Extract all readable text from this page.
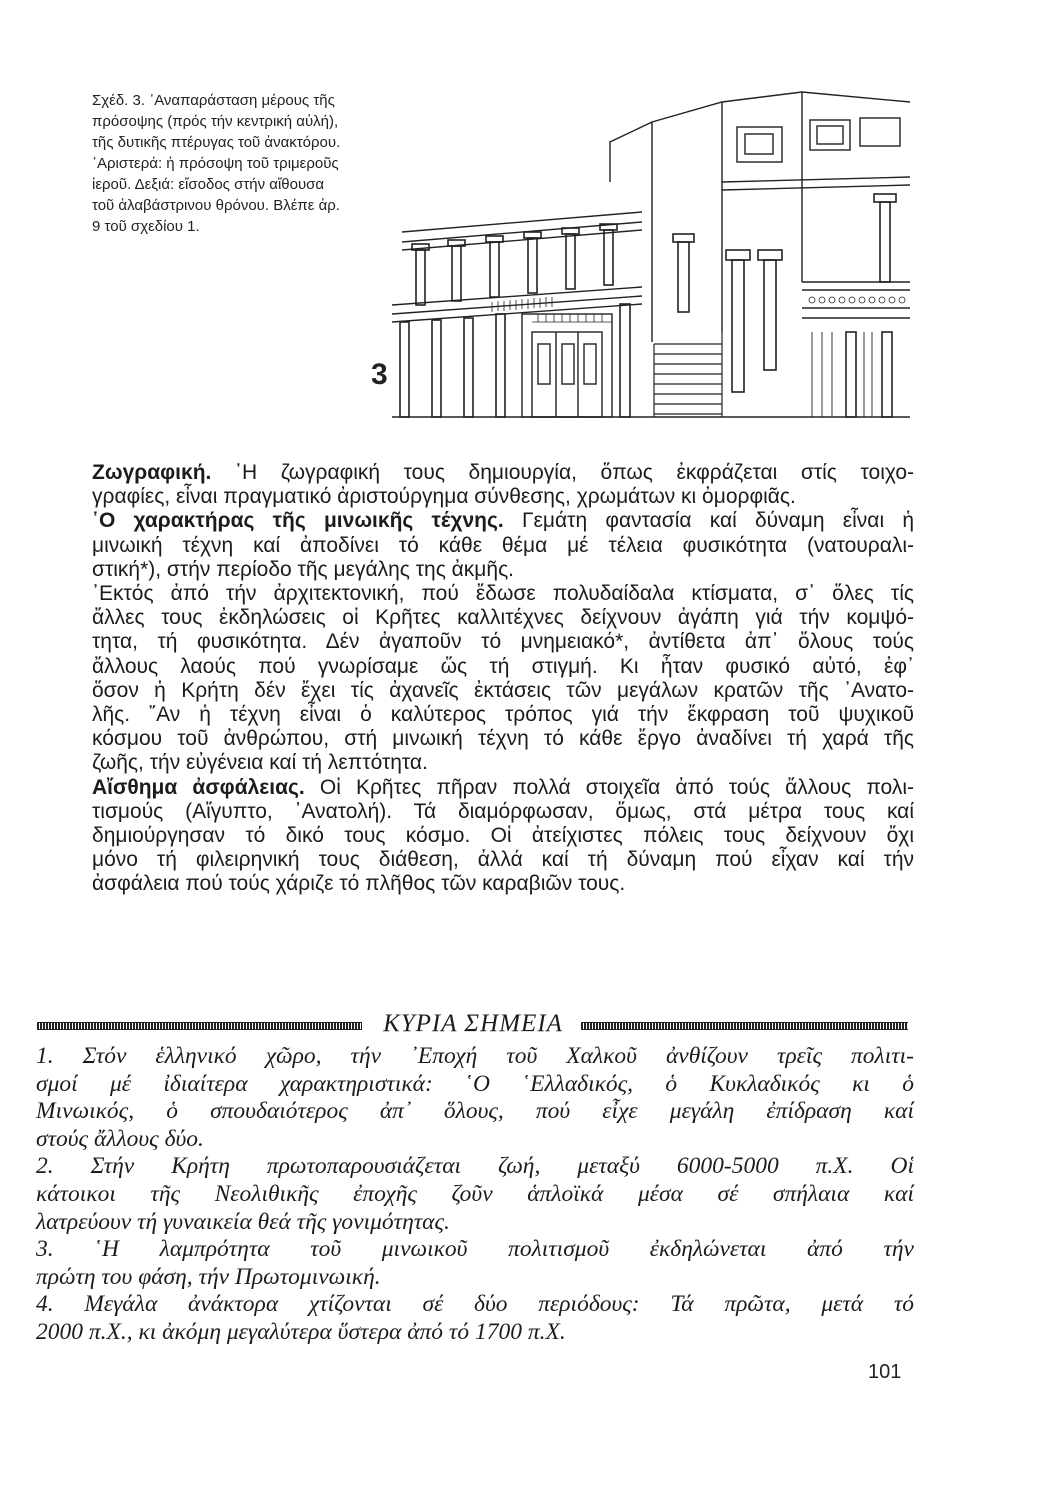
Σχέδ. 3. ᾿Αναπαράσταση μέρους τῆς
πρόσοψης (πρός τήν κεντρική αὐλή),
τῆς δυτικῆς πτέρυγας τοῦ ἀνακτόρου.
᾿Αριστερά: ἡ πρόσοψη τοῦ τριμεροῦς
ἱεροῦ. Δεξιά: εἴσοδος στήν αἴθουσα
τοῦ ἀλαβάστρινου θρόνου. Βλέπε ἀρ.
9 τοῦ σχεδίου 1.
3
Ζωγραφική. ῾Η ζωγραφική τους δημιουργία, ὅπως ἐκφράζεται στίς τοιχο-
γραφίες, εἶναι πραγματικό ἀριστούργημα σύνθεσης, χρωμάτων κι ὀμορφιᾶς.
῾Ο χαρακτήρας τῆς μινωικῆς τέχνης. Γεμάτη φαντασία καί δύναμη εἶναι ἡ
μινωική τέχνη καί ἀποδίνει τό κάθε θέμα μέ τέλεια φυσικότητα (νατουραλι-
στική*), στήν περίοδο τῆς μεγάλης της ἀκμῆς.
᾿Εκτός ἀπό τήν ἀρχιτεκτονική, πού ἔδωσε πολυδαίδαλα κτίσματα, σ᾿ ὅλες τίς
ἄλλες τους ἐκδηλώσεις οἱ Κρῆτες καλλιτέχνες δείχνουν ἀγάπη γιά τήν κομψό-
τητα, τή φυσικότητα. Δέν ἀγαποῦν τό μνημειακό*, ἀντίθετα ἀπ᾿ ὅλους τούς
ἄλλους λαούς πού γνωρίσαμε ὥς τή στιγμή. Κι ἦταν φυσικό αὐτό, ἐφ᾿
ὅσον ἡ Κρήτη δέν ἔχει τίς ἀχανεῖς ἐκτάσεις τῶν μεγάλων κρατῶν τῆς ᾿Ανατο-
λῆς. ῎Αν ἡ τέχνη εἶναι ὁ καλύτερος τρόπος γιά τήν ἔκφραση τοῦ ψυχικοῦ
κόσμου τοῦ ἀνθρώπου, στή μινωική τέχνη τό κάθε ἔργο ἀναδίνει τή χαρά τῆς
ζωῆς, τήν εὐγένεια καί τή λεπτότητα.
Αἴσθημα ἀσφάλειας. Οἱ Κρῆτες πῆραν πολλά στοιχεῖα ἀπό τούς ἄλλους πολι-
τισμούς (Αἴγυπτο, ᾿Ανατολή). Τά διαμόρφωσαν, ὅμως, στά μέτρα τους καί
δημιούργησαν τό δικό τους κόσμο. Οἱ ἀτείχιστες πόλεις τους δείχνουν ὄχι
μόνο τή φιλειρηνική τους διάθεση, ἀλλά καί τή δύναμη πού εἶχαν καί τήν
ἀσφάλεια πού τούς χάριζε τό πλῆθος τῶν καραβιῶν τους.
ΚΥΡΙΑ ΣΗΜΕΙΑ
1. Στόν ἑλληνικό χῶρο, τήν ᾿Εποχή τοῦ Χαλκοῦ ἀνθίζουν τρεῖς πολιτι-
σμοί μέ ἰδιαίτερα χαρακτηριστικά: ῾Ο ῾Ελλαδικός, ὁ Κυκλαδικός κι ὁ
Μινωικός, ὁ σπουδαιότερος ἀπ᾿ ὅλους, πού εἶχε μεγάλη ἐπίδραση καί
στούς ἄλλους δύο.
2. Στήν Κρήτη πρωτοπαρουσιάζεται ζωή, μεταξύ 6000-5000 π.Χ. Οἱ
κάτοικοι τῆς Νεολιθικῆς ἐποχῆς ζοῦν ἁπλοϊκά μέσα σέ σπήλαια καί
λατρεύουν τή γυναικεία θεά τῆς γονιμότητας.
3. ῾Η λαμπρότητα τοῦ μινωικοῦ πολιτισμοῦ ἐκδηλώνεται ἀπό τήν
πρώτη του φάση, τήν Πρωτομινωική.
4. Μεγάλα ἀνάκτορα χτίζονται σέ δύο περιόδους: Τά πρῶτα, μετά τό
2000 π.Χ., κι ἀκόμη μεγαλύτερα ὕστερα ἀπό τό 1700 π.Χ.
101
